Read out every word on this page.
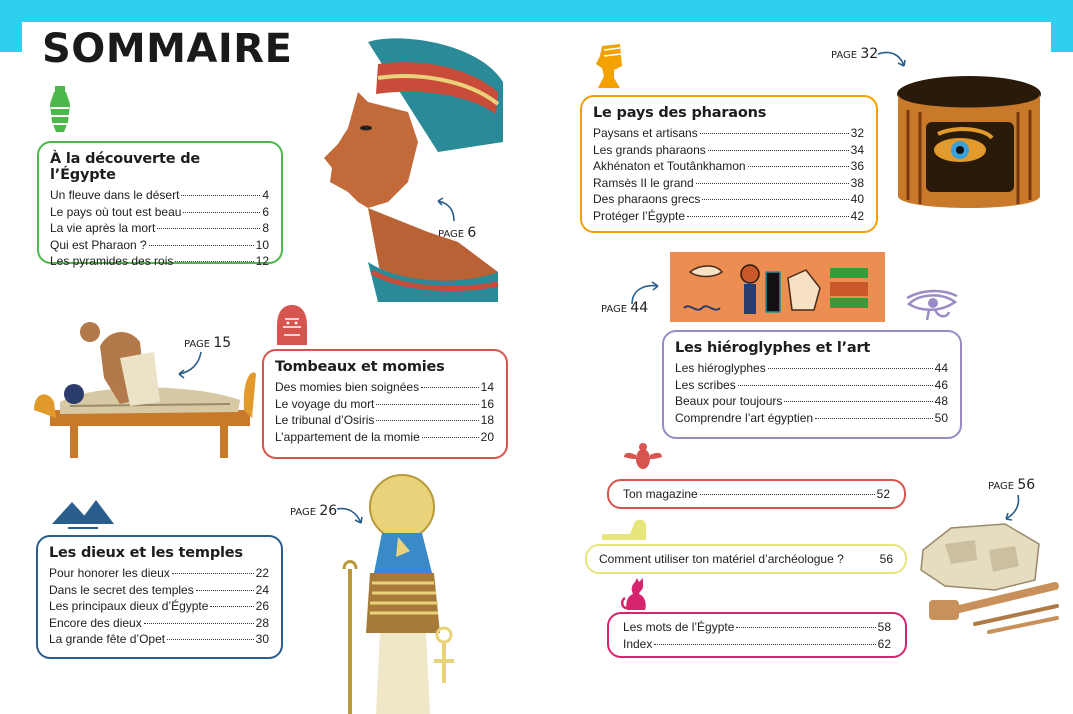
SOMMAIRE
À la découverte de l’Égypte
Un fleuve dans le désert	4
Le pays où tout est beau	6
La vie après la mort	8
Qui est Pharaon ?	10
Les pyramides des rois	12
Tombeaux et momies
Des momies bien soignées	14
Le voyage du mort	16
Le tribunal d’Osiris	18
L’appartement de la momie	20
Les dieux et les temples
Pour honorer les dieux	22
Dans le secret des temples	24
Les principaux dieux d’Égypte	26
Encore des dieux	28
La grande fête d’Opet	30
Le pays des pharaons
Paysans et artisans	32
Les grands pharaons	34
Akhénaton et Toutânkhamon	36
Ramsès II le grand	38
Des pharaons grecs	40
Protéger l’Égypte	42
Les hiéroglyphes et l’art
Les hiéroglyphes	44
Les scribes	46
Beaux pour toujours	48
Comprendre l’art égyptien	50
Ton magazine	52
Comment utiliser ton matériel d’archéologue ?	56
Les mots de l’Égypte	58
Index	62
PAGE 6
PAGE 15
PAGE 26
PAGE 32
PAGE 44
PAGE 56
